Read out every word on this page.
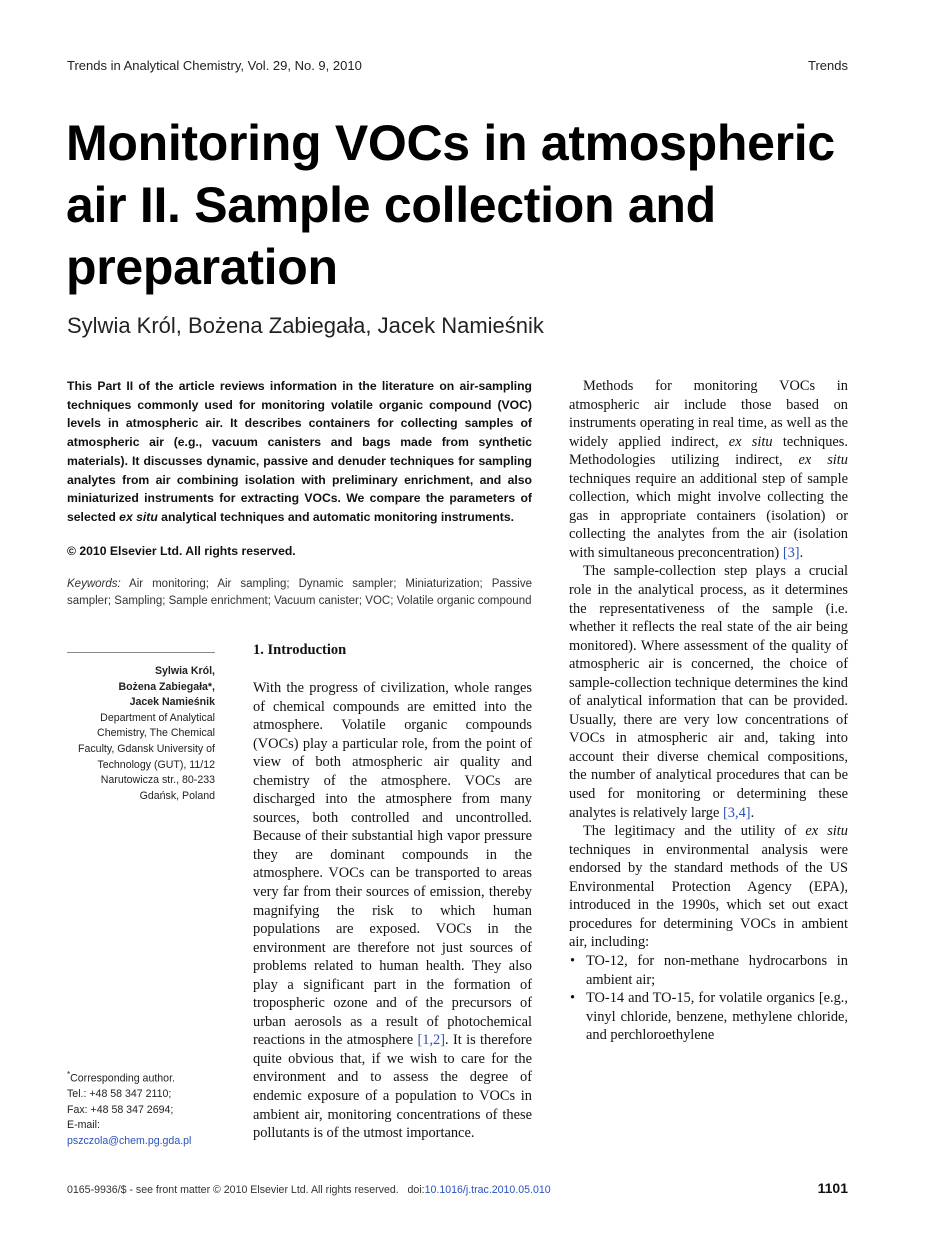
Trends in Analytical Chemistry, Vol. 29, No. 9, 2010	Trends
Monitoring VOCs in atmospheric air II. Sample collection and preparation
Sylwia Król, Bożena Zabiegała, Jacek Namieśnik

This Part II of the article reviews information in the literature on air-sampling techniques commonly used for monitoring volatile organic compound (VOC) levels in atmospheric air. It describes containers for collecting samples of atmospheric air (e.g., vacuum canisters and bags made from synthetic materials). It discusses dynamic, passive and denuder techniques for sampling analytes from air combining isolation with preliminary enrichment, and also miniaturized instruments for extracting VOCs. We compare the parameters of selected ex situ analytical techniques and automatic monitoring instruments.

© 2010 Elsevier Ltd. All rights reserved.

Keywords: Air monitoring; Air sampling; Dynamic sampler; Miniaturization; Passive sampler; Sampling; Sample enrichment; Vacuum canister; VOC; Volatile organic compound

Sylwia Król,
Bożena Zabiegała*,
Jacek Namieśnik
Department of Analytical Chemistry, The Chemical Faculty, Gdansk University of Technology (GUT), 11/12 Narutowicza str., 80-233 Gdańsk, Poland
*Corresponding author.
Tel.: +48 58 347 2110;
Fax: +48 58 347 2694;
E-mail: pszczola@chem.pg.gda.pl
1. Introduction

With the progress of civilization, whole ranges of chemical compounds are emitted into the atmosphere. Volatile organic compounds (VOCs) play a particular role, from the point of view of both atmospheric air quality and chemistry of the atmosphere. VOCs are discharged into the atmosphere from many sources, both controlled and uncontrolled. Because of their substantial high vapor pressure they are dominant compounds in the atmosphere. VOCs can be transported to areas very far from their sources of emission, thereby magnifying the risk to which human populations are exposed. VOCs in the environment are therefore not just sources of problems related to human health. They also play a significant part in the formation of tropospheric ozone and of the precursors of urban aerosols as a result of photochemical reactions in the atmosphere [1,2]. It is therefore quite obvious that, if we wish to care for the environment and to assess the degree of endemic exposure of a population to VOCs in ambient air, monitoring concentrations of these pollutants is of the utmost importance.

Methods for monitoring VOCs in atmospheric air include those based on instruments operating in real time, as well as the widely applied indirect, ex situ techniques. Methodologies utilizing indirect, ex situ techniques require an additional step of sample collection, which might involve collecting the gas in appropriate containers (isolation) or collecting the analytes from the air (isolation with simultaneous preconcentration) [3].

The sample-collection step plays a crucial role in the analytical process, as it determines the representativeness of the sample (i.e. whether it reflects the real state of the air being monitored). Where assessment of the quality of atmospheric air is concerned, the choice of sample-collection technique determines the kind of analytical information that can be provided. Usually, there are very low concentrations of VOCs in atmospheric air and, taking into account their diverse chemical compositions, the number of analytical procedures that can be used for monitoring or determining these analytes is relatively large [3,4].

The legitimacy and the utility of ex situ techniques in environmental analysis were endorsed by the standard methods of the US Environmental Protection Agency (EPA), introduced in the 1990s, which set out exact procedures for determining VOCs in ambient air, including:

• TO-12, for non-methane hydrocarbons in ambient air;
• TO-14 and TO-15, for volatile organics [e.g., vinyl chloride, benzene, methylene chloride, and perchloroethylene
0165-9936/$ - see front matter © 2010 Elsevier Ltd. All rights reserved. doi:10.1016/j.trac.2010.05.010	1101
